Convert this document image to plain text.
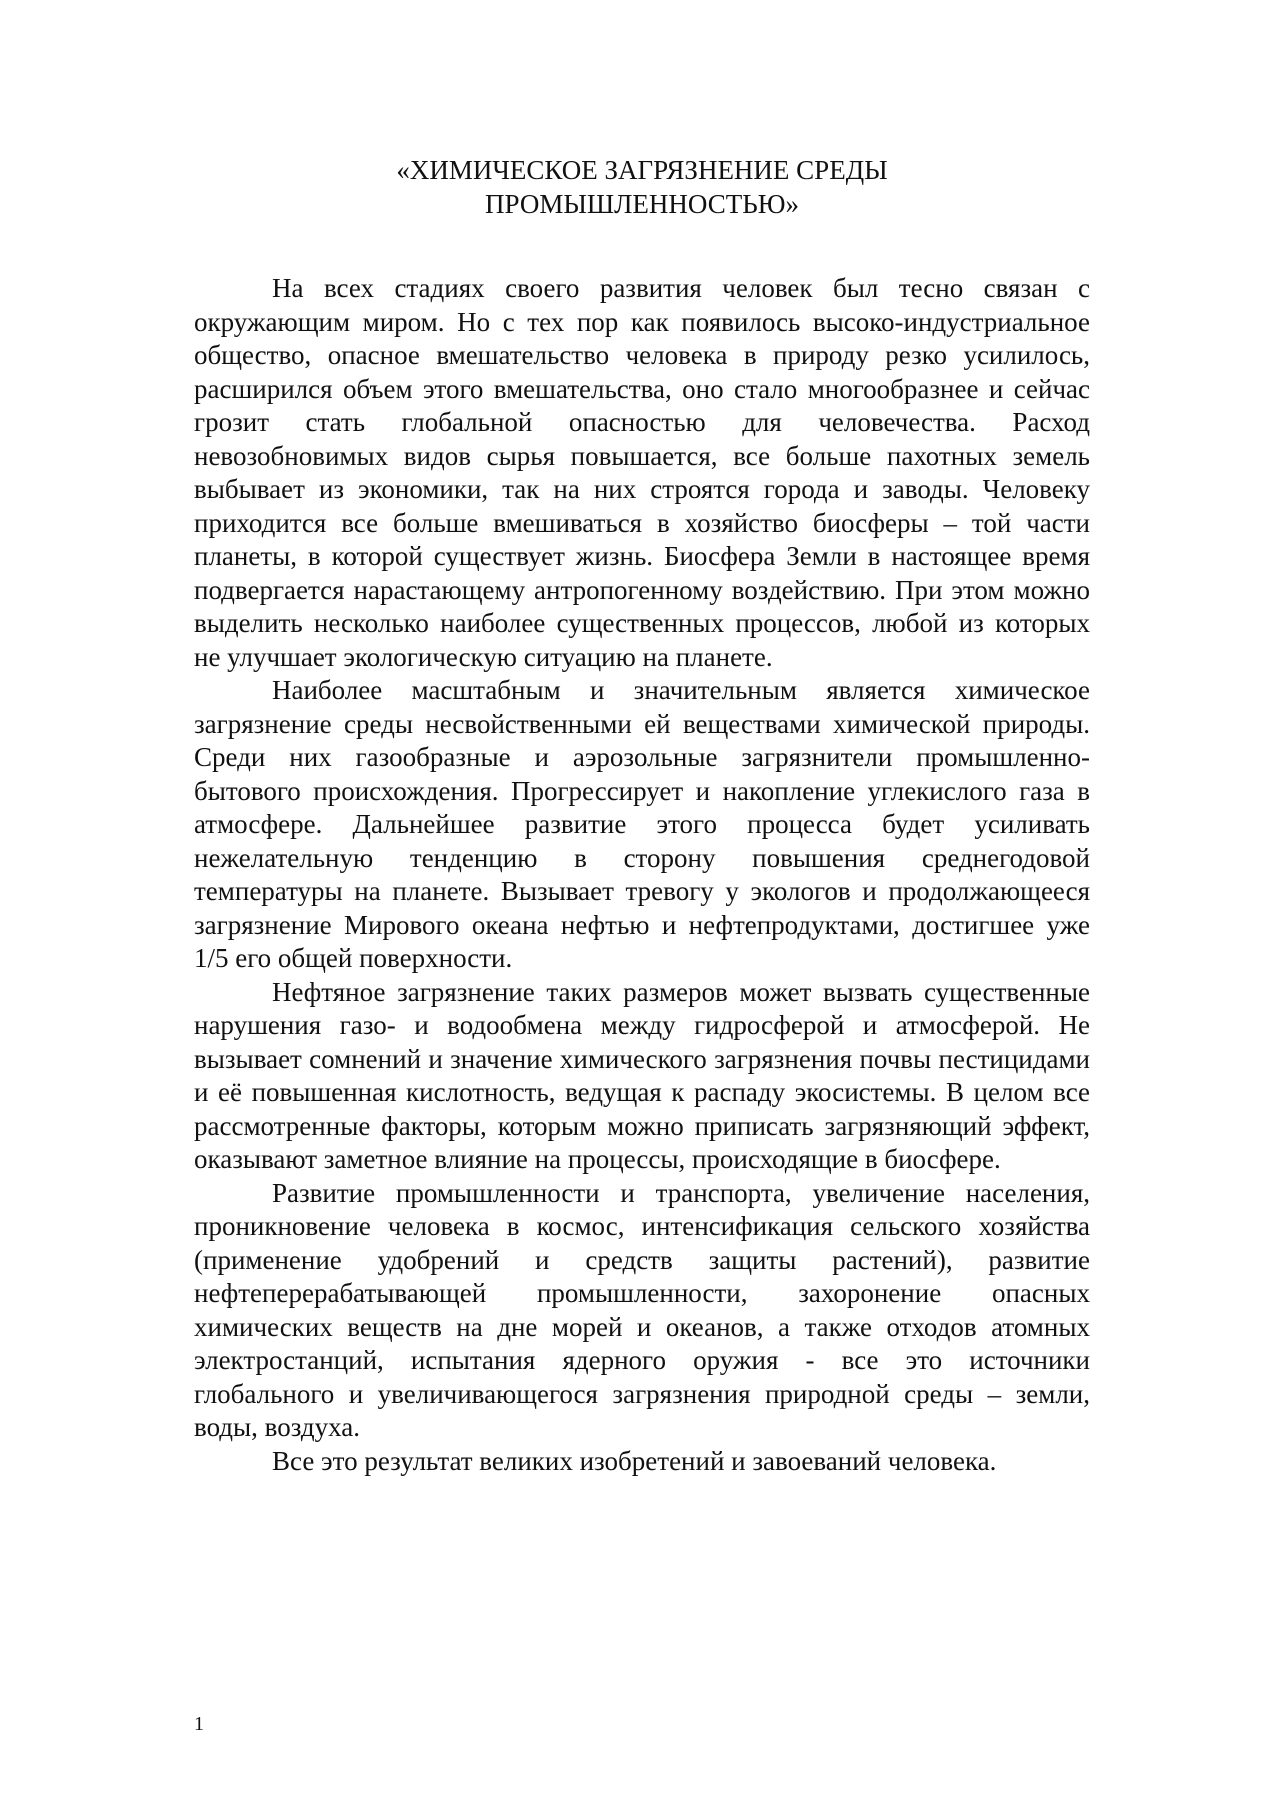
«ХИМИЧЕСКОЕ ЗАГРЯЗНЕНИЕ СРЕДЫ
ПРОМЫШЛЕННОСТЬЮ»

На всех стадиях своего развития человек был тесно связан с окружающим миром. Но с тех пор как появилось высоко-индустриальное общество, опасное вмешательство человека в природу резко усилилось, расширился объем этого вмешательства, оно стало многообразнее и сейчас грозит стать глобальной опасностью для человечества. Расход невозобновимых видов сырья повышается, все больше пахотных земель выбывает из экономики, так на них строятся города и заводы. Человеку приходится все больше вмешиваться в хозяйство биосферы – той части планеты, в которой существует жизнь. Биосфера Земли в настоящее время подвергается нарастающему антропогенному воздействию. При этом можно выделить несколько наиболее существенных процессов, любой из которых не улучшает экологическую ситуацию на планете.

Наиболее масштабным и значительным является химическое загрязнение среды несвойственными ей веществами химической природы. Среди них газообразные и аэрозольные загрязнители промышленно-бытового происхождения. Прогрессирует и накопление углекислого газа в атмосфере. Дальнейшее развитие этого процесса будет усиливать нежелательную тенденцию в сторону повышения среднегодовой температуры на планете. Вызывает тревогу у экологов и продолжающееся загрязнение Мирового океана нефтью и нефтепродуктами, достигшее уже 1/5 его общей поверхности.

Нефтяное загрязнение таких размеров может вызвать существенные нарушения газо- и водообмена между гидросферой и атмосферой. Не вызывает сомнений и значение химического загрязнения почвы пестицидами и её повышенная кислотность, ведущая к распаду экосистемы. В целом все рассмотренные факторы, которым можно приписать загрязняющий эффект, оказывают заметное влияние на процессы, происходящие в биосфере.

Развитие промышленности и транспорта, увеличение населения, проникновение человека в космос, интенсификация сельского хозяйства (применение удобрений и средств защиты растений), развитие нефтеперерабатывающей промышленности, захоронение опасных химических веществ на дне морей и океанов, а также отходов атомных электростанций, испытания ядерного оружия - все это источники глобального и увеличивающегося загрязнения природной среды – земли, воды, воздуха.

Все это результат великих изобретений и завоеваний человека.

1
